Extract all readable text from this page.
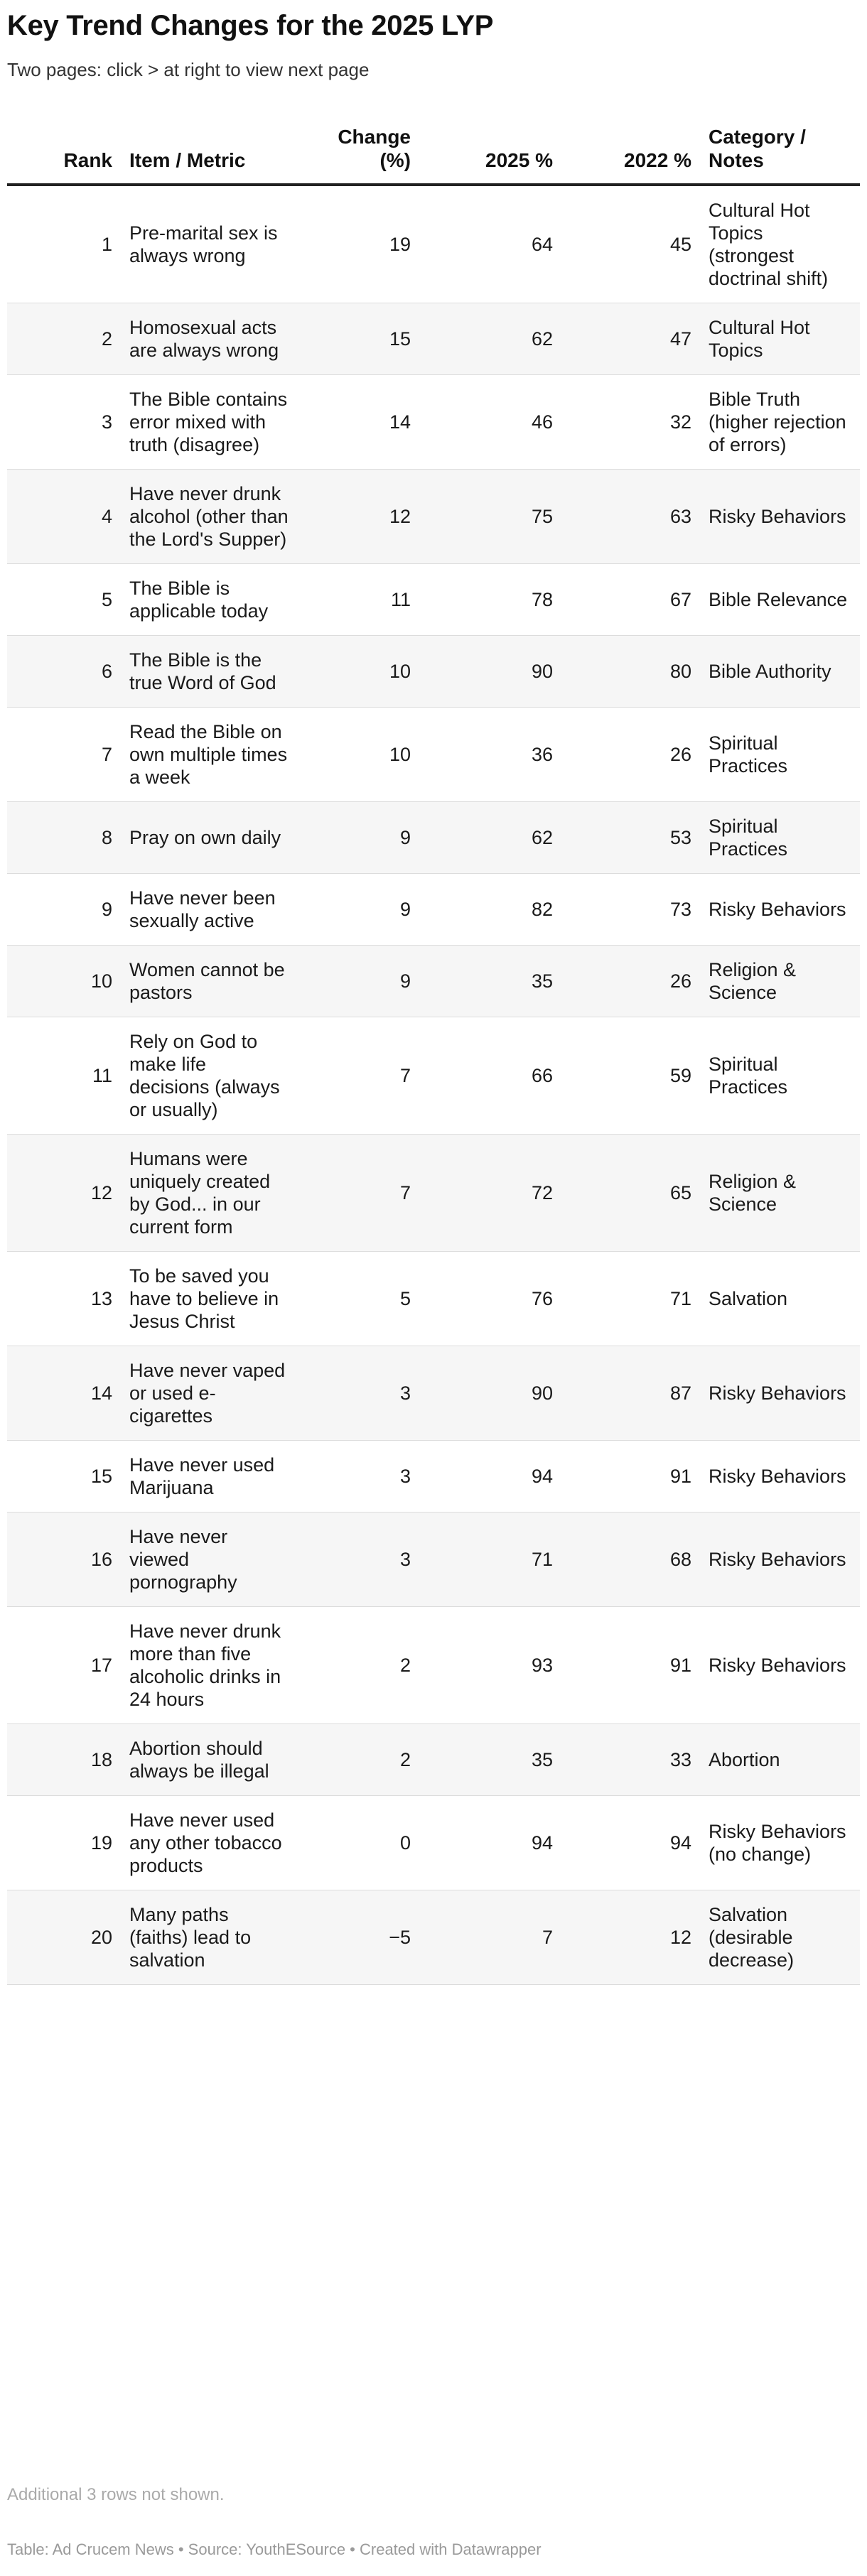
Key Trend Changes for the 2025 LYP
Two pages: click > at right to view next page
Rank	Item / Metric	Change (%)	2025 %	2022 %	Category / Notes
1	Pre-marital sex is always wrong	19	64	45	Cultural Hot Topics (strongest doctrinal shift)
2	Homosexual acts are always wrong	15	62	47	Cultural Hot Topics
3	The Bible contains error mixed with truth (disagree)	14	46	32	Bible Truth (higher rejection of errors)
4	Have never drunk alcohol (other than the Lord's Supper)	12	75	63	Risky Behaviors
5	The Bible is applicable today	11	78	67	Bible Relevance
6	The Bible is the true Word of God	10	90	80	Bible Authority
7	Read the Bible on own multiple times a week	10	36	26	Spiritual Practices
8	Pray on own daily	9	62	53	Spiritual Practices
9	Have never been sexually active	9	82	73	Risky Behaviors
10	Women cannot be pastors	9	35	26	Religion & Science
11	Rely on God to make life decisions (always or usually)	7	66	59	Spiritual Practices
12	Humans were uniquely created by God... in our current form	7	72	65	Religion & Science
13	To be saved you have to believe in Jesus Christ	5	76	71	Salvation
14	Have never vaped or used e-cigarettes	3	90	87	Risky Behaviors
15	Have never used Marijuana	3	94	91	Risky Behaviors
16	Have never viewed pornography	3	71	68	Risky Behaviors
17	Have never drunk more than five alcoholic drinks in 24 hours	2	93	91	Risky Behaviors
18	Abortion should always be illegal	2	35	33	Abortion
19	Have never used any other tobacco products	0	94	94	Risky Behaviors (no change)
20	Many paths (faiths) lead to salvation	−5	7	12	Salvation (desirable decrease)
Additional 3 rows not shown.
Table: Ad Crucem News • Source: YouthESource • Created with Datawrapper
